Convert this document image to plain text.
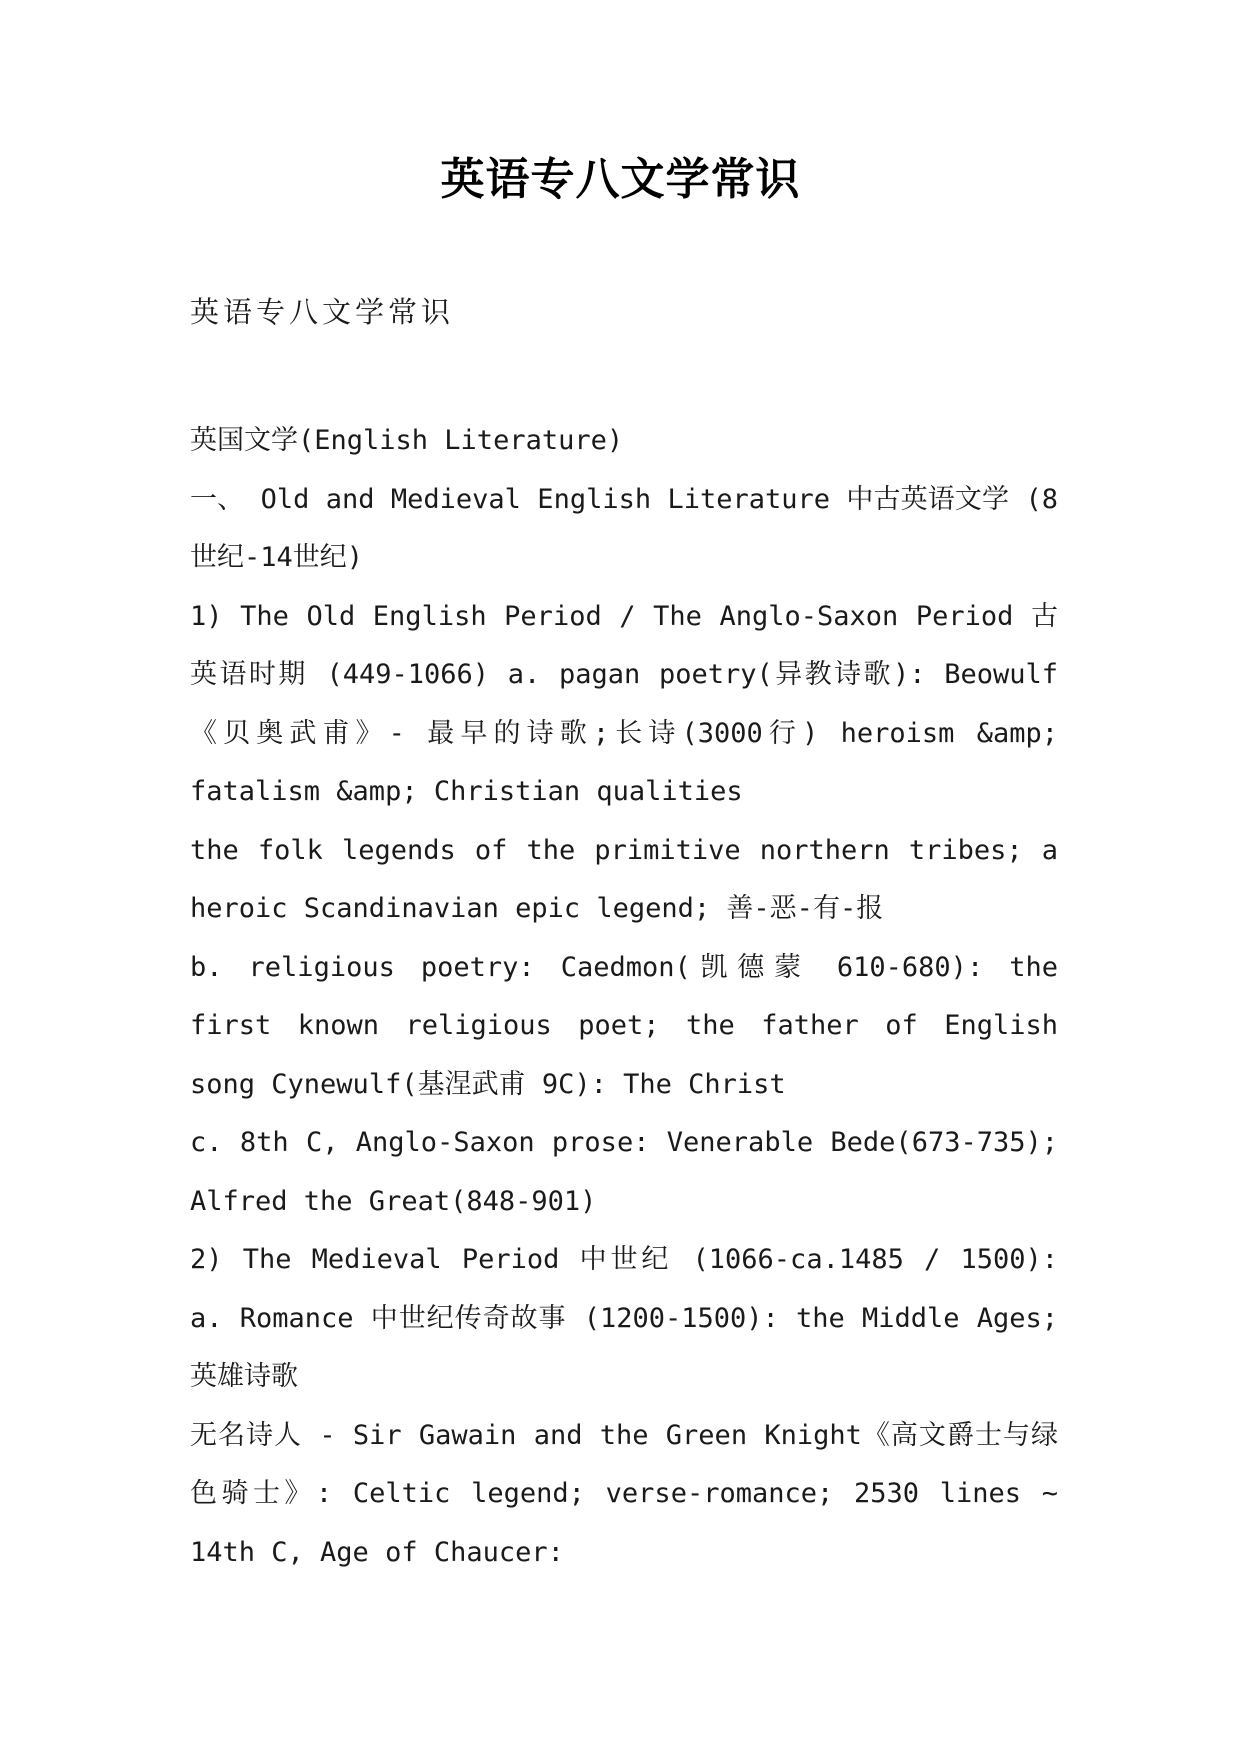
英语专八文学常识
英语专八文学常识

英国文学(English Literature)

一、 Old and Medieval English Literature 中古英语文学 (8世纪-14世纪)

1) The Old English Period / The Anglo-Saxon Period 古英语时期 (449-1066) a. pagan poetry(异教诗歌): Beowulf《贝奥武甫》- 最早的诗歌;长诗(3000行) heroism &amp; fatalism &amp; Christian qualities

the folk legends of the primitive northern tribes; a heroic Scandinavian epic legend; 善-恶-有-报

b. religious poetry: Caedmon(凯德蒙 610-680): the first known religious poet; the father of English song Cynewulf(基涅武甫 9C): The Christ

c. 8th C, Anglo-Saxon prose: Venerable Bede(673-735); Alfred the Great(848-901)

2) The Medieval Period 中世纪 (1066-ca.1485 / 1500): a. Romance 中世纪传奇故事 (1200-1500): the Middle Ages; 英雄诗歌

无名诗人 - Sir Gawain and the Green Knight《高文爵士与绿色骑士》: Celtic legend; verse-romance; 2530 lines ~ 14th C, Age of Chaucer:
